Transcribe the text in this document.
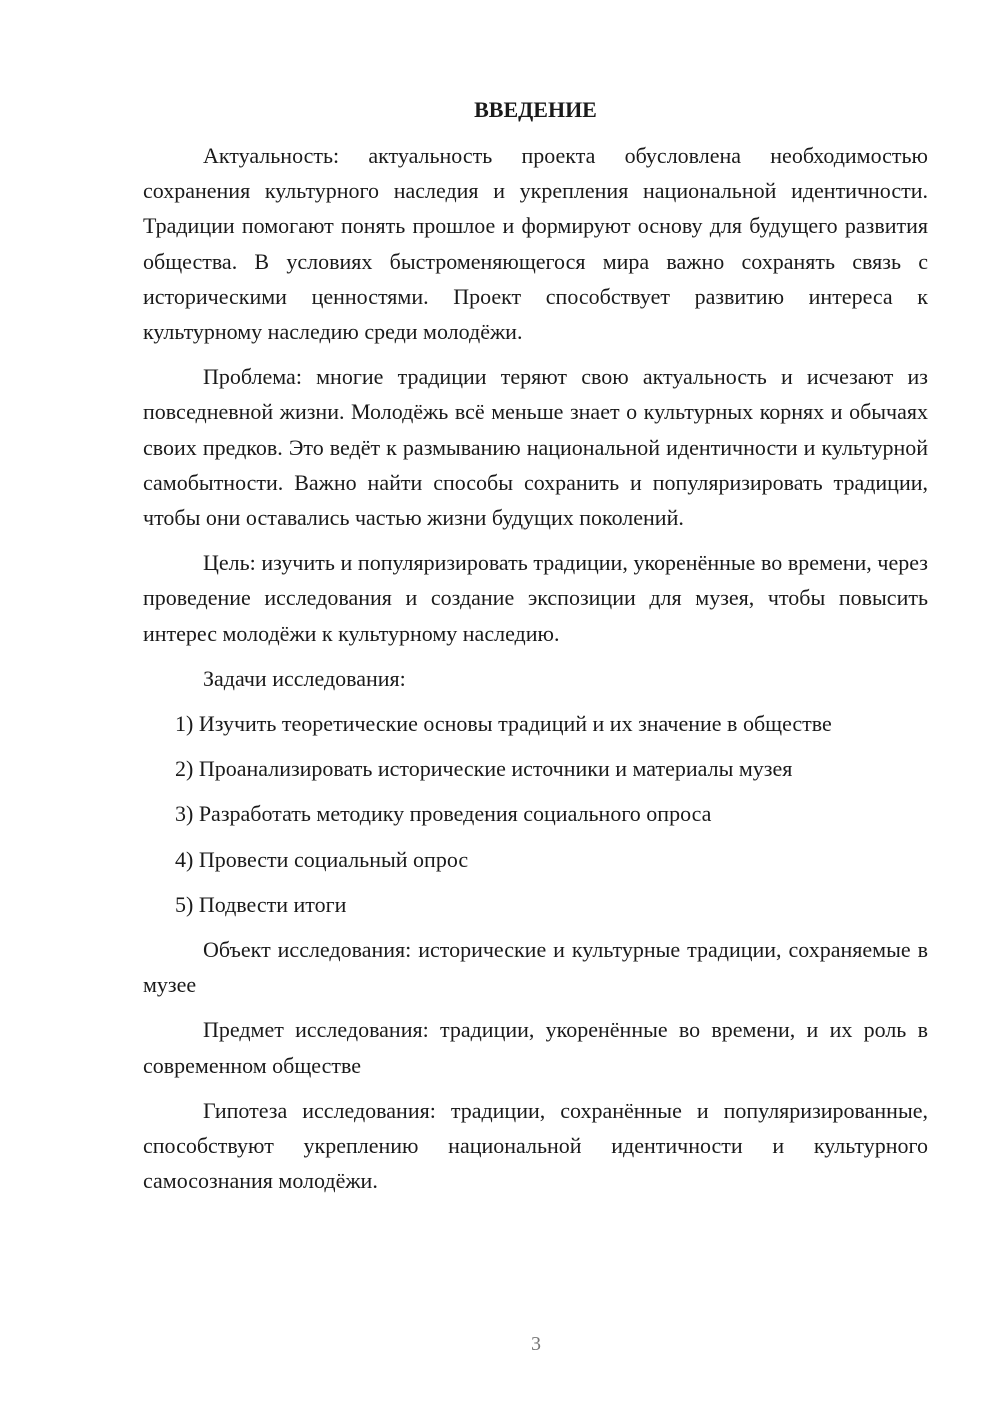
ВВЕДЕНИЕ

Актуальность: актуальность проекта обусловлена необходимостью сохранения культурного наследия и укрепления национальной идентичности. Традиции помогают понять прошлое и формируют основу для будущего развития общества. В условиях быстроменяющегося мира важно сохранять связь с историческими ценностями. Проект способствует развитию интереса к культурному наследию среди молодёжи.

Проблема: многие традиции теряют свою актуальность и исчезают из повседневной жизни. Молодёжь всё меньше знает о культурных корнях и обычаях своих предков. Это ведёт к размыванию национальной идентичности и культурной самобытности. Важно найти способы сохранить и популяризировать традиции, чтобы они оставались частью жизни будущих поколений.

Цель: изучить и популяризировать традиции, укоренённые во времени, через проведение исследования и создание экспозиции для музея, чтобы повысить интерес молодёжи к культурному наследию.

Задачи исследования:

1) Изучить теоретические основы традиций и их значение в обществе
2) Проанализировать исторические источники и материалы музея
3) Разработать методику проведения социального опроса
4) Провести социальный опрос
5) Подвести итоги

Объект исследования: исторические и культурные традиции, сохраняемые в музее

Предмет исследования: традиции, укоренённые во времени, и их роль в современном обществе

Гипотеза исследования: традиции, сохранённые и популяризированные, способствуют укреплению национальной идентичности и культурного самосознания молодёжи.

3
